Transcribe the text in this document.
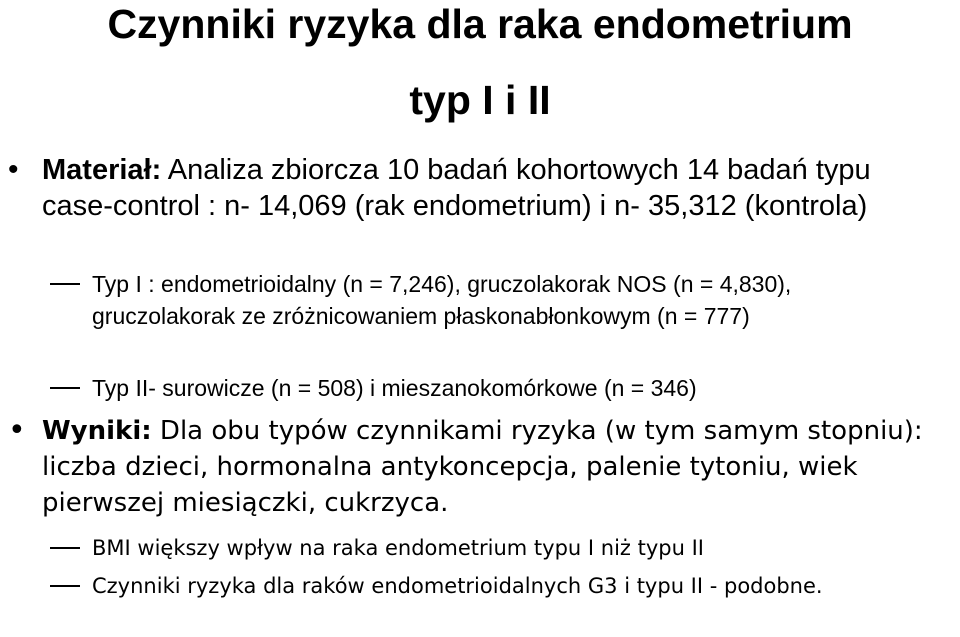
Czynniki ryzyka dla raka endometrium
typ I i II
• Materiał: Analiza zbiorcza 10 badań kohortowych 14 badań typu case-control : n- 14,069 (rak endometrium) i n- 35,312 (kontrola)
Typ I : endometrioidalny (n = 7,246), gruczolakorak NOS (n = 4,830), gruczolakorak ze zróżnicowaniem płaskonabłonkowym (n = 777)
Typ II- surowicze (n = 508) i mieszanokomórkowe (n = 346)
• Wyniki: Dla obu typów czynnikami ryzyka (w tym samym stopniu): liczba dzieci, hormonalna antykoncepcja, palenie tytoniu, wiek pierwszej miesiączki, cukrzyca.
BMI większy wpływ na raka endometrium typu I niż typu II
Czynniki ryzyka dla raków endometrioidalnych G3 i typu II - podobne.
